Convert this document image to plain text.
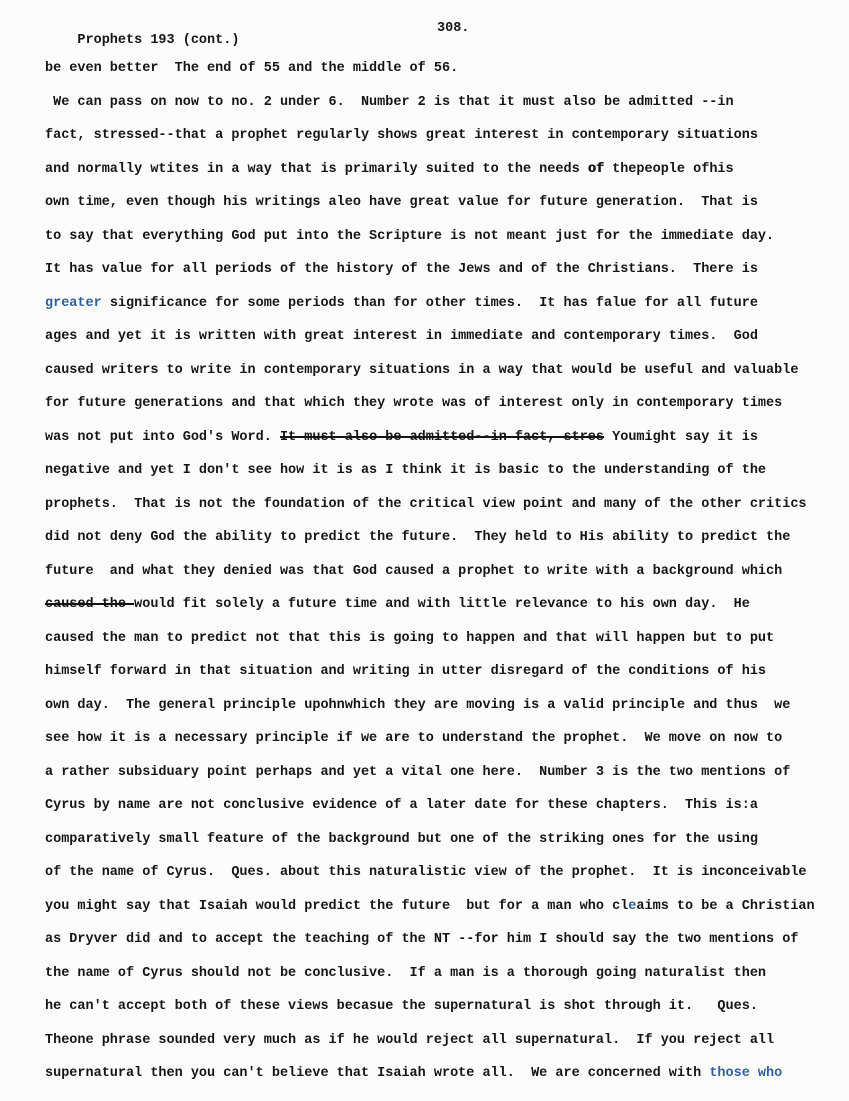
Prophets 193 (cont.)

308.

be even better  The end of 55 and the middle of 56.
We can pass on now to no. 2 under 6.  Number 2 is that it must also be admitted --in
fact, stressed--that a prophet regularly shows great interest in contemporary situations
and normally wtites in a way that is primarily suited to the needs of thepeople ofhis
own time, even though his writings aleo have great value for future generation.  That is
to say that everything God put into the Scripture is not meant just for the immediate day.
It has value for all periods of the history of the Jews and of the Christians.  There is
greater significance for some periods than for other times.  It has falue for all future
ages and yet it is written with great interest in immediate and contemporary times.  God
caused writers to write in contemporary situations in a way that would be useful and valuable
for future generations and that which they wrote was of interest only in contemporary times
was not put into God's Word. It must also be admitted--in fact, stres Youmight say it is
negative and yet I don't see how it is as I think it is basic to the understanding of the
prophets.  That is not the foundation of the critical view point and many of the other critics
did not deny God the ability to predict the future.  They held to His ability to predict the
future  and what they denied was that God caused a prophet to write with a background which
caused the would fit solely a future time and with little relevance to his own day.  He
caused the man to predict not that this is going to happen and that will happen but to put
himself forward in that situation and writing in utter disregard of the conditions of his
own day.  The general principle upohnwhich they are moving is a valid principle and thus  we
see how it is a necessary principle if we are to understand the prophet.  We move on now to
a rather subsiduary point perhaps and yet a vital one here.  Number 3 is the two mentions of
Cyrus by name are not conclusive evidence of a later date for these chapters.  This is:a
comparatively small feature of the background but one of the striking ones for the using
of the name of Cyrus.  Ques. about this naturalistic view of the prophet.  It is inconceivable
you might say that Isaiah would predict the future  but for a man who cleaims to be a Christian
as Dryver did and to accept the teaching of the NT --for him I should say the two mentions of
the name of Cyrus should not be conclusive.  If a man is a thorough going naturalist then
he can't accept both of these views becasue the supernatural is shot through it.   Ques.
Theone phrase sounded very much as if he would reject all supernatural.  If you reject all
supernatural then you can't believe that Isaiah wrote all.  We are concerned with those who
